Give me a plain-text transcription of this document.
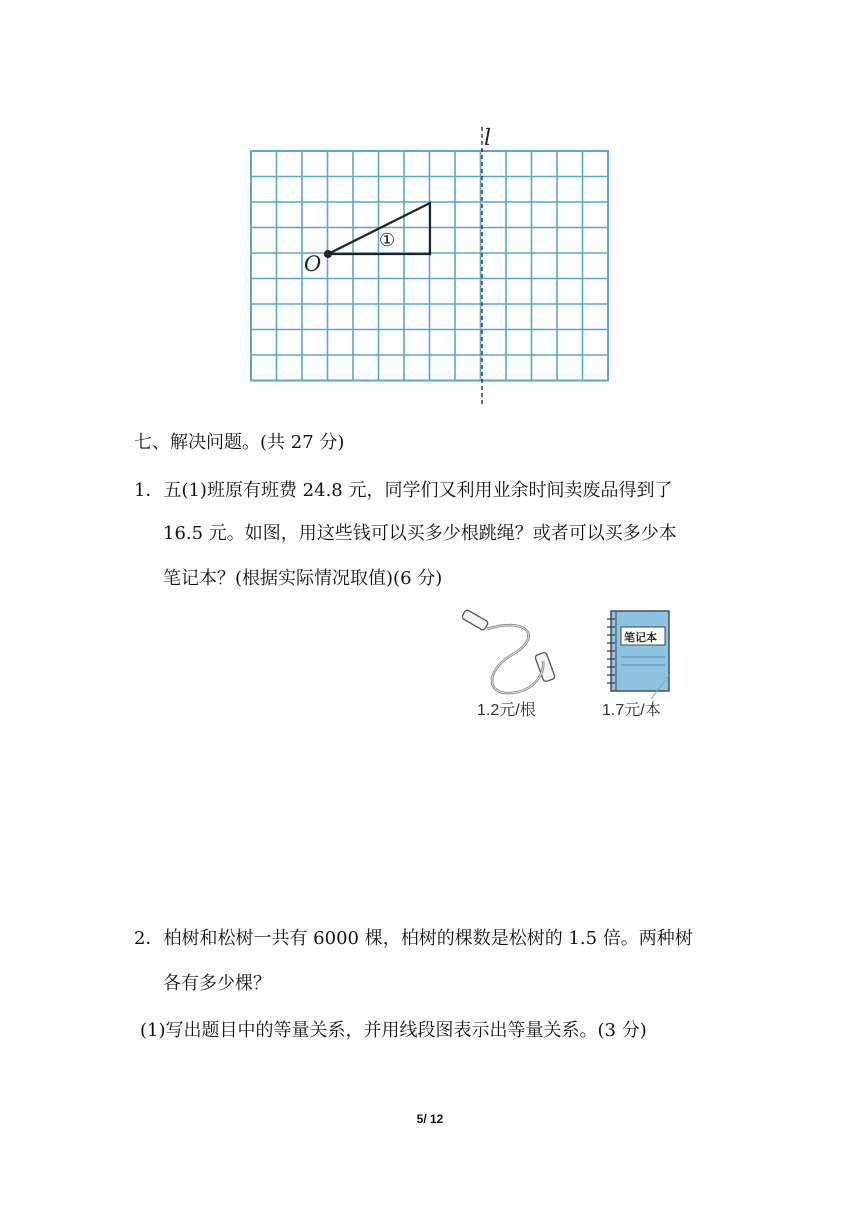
l
O
①
七、解决问题。(共 27 分)
1．五(1)班原有班费 24.8 元，同学们又利用业余时间卖废品得到了
16.5 元。如图，用这些钱可以买多少根跳绳？或者可以买多少本
笔记本？(根据实际情况取值)(6 分)
笔记本
1.2元/根	1.7元/本
2．柏树和松树一共有 6000 棵，柏树的棵数是松树的 1.5 倍。两种树
各有多少棵？
(1)写出题目中的等量关系，并用线段图表示出等量关系。(3 分)
5/ 12
